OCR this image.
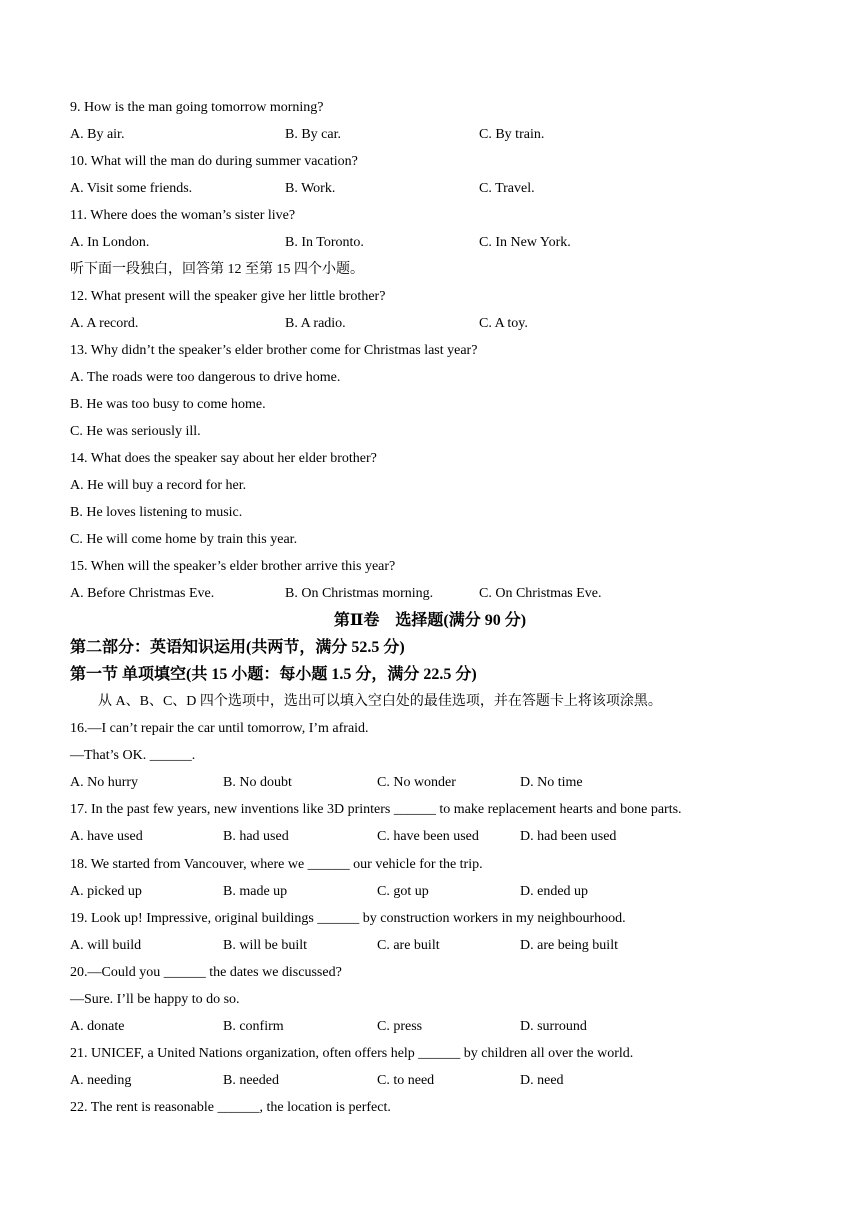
9. How is the man going tomorrow morning?
A. By air.	B. By car.	C. By train.
10. What will the man do during summer vacation?
A. Visit some friends.	B. Work.	C. Travel.
11. Where does the woman’s sister live?
A. In London.	B. In Toronto.	C. In New York.
听下面一段独白，回答第 12 至第 15 四个小题。
12. What present will the speaker give her little brother?
A. A record.	B. A radio.	C. A toy.
13. Why didn’t the speaker’s elder brother come for Christmas last year?
A. The roads were too dangerous to drive home.
B. He was too busy to come home.
C. He was seriously ill.
14. What does the speaker say about her elder brother?
A. He will buy a record for her.
B. He loves listening to music.
C. He will come home by train this year.
15. When will the speaker’s elder brother arrive this year?
A. Before Christmas Eve.	B. On Christmas morning.	C. On Christmas Eve.
第Ⅱ卷　选择题(满分 90 分)
第二部分：英语知识运用(共两节，满分 52.5 分)
第一节 单项填空(共 15 小题：每小题 1.5 分，满分 22.5 分)
从 A、B、C、D 四个选项中，选出可以填入空白处的最佳选项，并在答题卡上将该项涂黑。
16.—I can’t repair the car until tomorrow, I’m afraid.
—That’s OK. ______.
A. No hurry	B. No doubt	C. No wonder	D. No time
17. In the past few years, new inventions like 3D printers ______ to make replacement hearts and bone parts.
A. have used	B. had used	C. have been used	D. had been used
18. We started from Vancouver, where we ______ our vehicle for the trip.
A. picked up	B. made up	C. got up	D. ended up
19. Look up! Impressive, original buildings ______ by construction workers in my neighbourhood.
A. will build	B. will be built	C. are built	D. are being built
20.—Could you ______ the dates we discussed?
—Sure. I’ll be happy to do so.
A. donate	B. confirm	C. press	D. surround
21. UNICEF, a United Nations organization, often offers help ______ by children all over the world.
A. needing	B. needed	C. to need	D. need
22. The rent is reasonable ______, the location is perfect.
